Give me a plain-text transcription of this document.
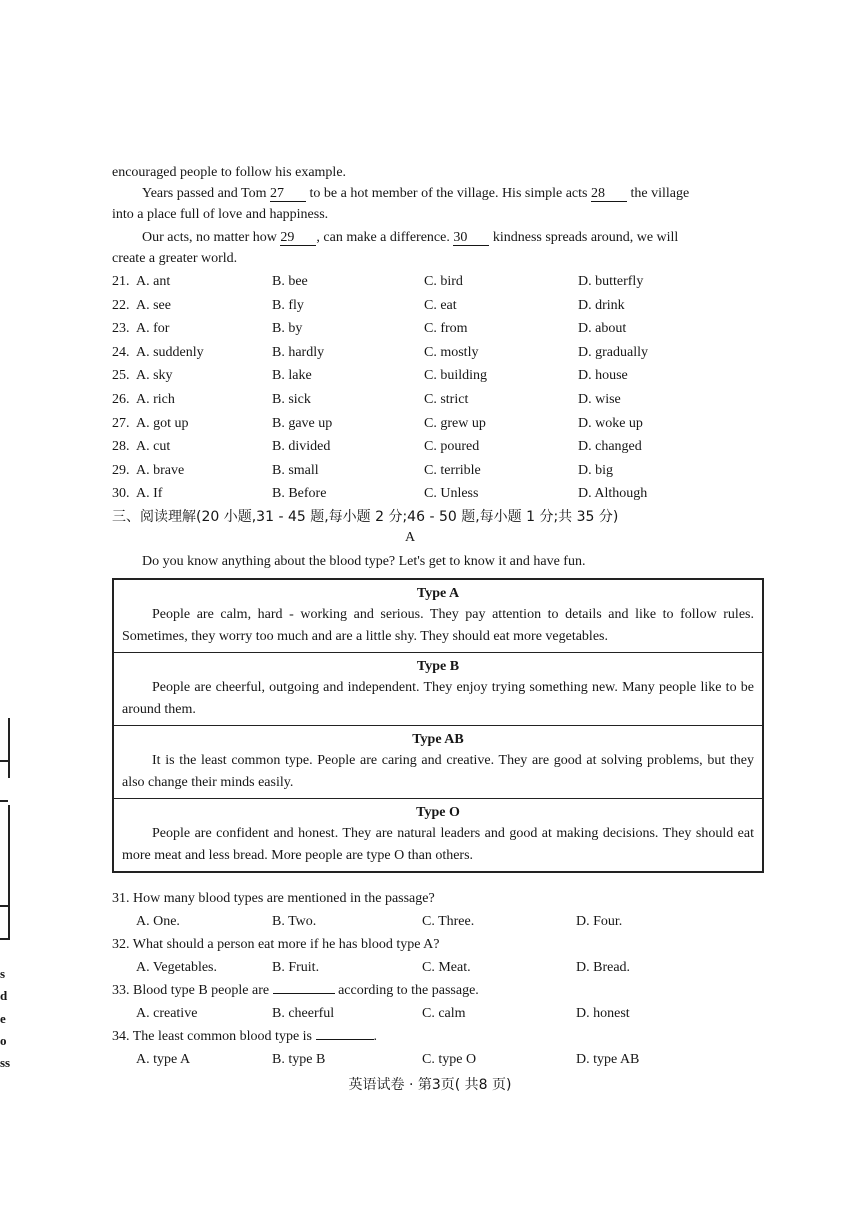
encouraged people to follow his example.
Years passed and Tom 27 to be a hot member of the village. His simple acts 28 the village
into a place full of love and happiness.
Our acts, no matter how 29 , can make a difference. 30 kindness spreads around, we will
create a greater world.
21. A. ant	B. bee	C. bird	D. butterfly
22. A. see	B. fly	C. eat	D. drink
23. A. for	B. by	C. from	D. about
24. A. suddenly	B. hardly	C. mostly	D. gradually
25. A. sky	B. lake	C. building	D. house
26. A. rich	B. sick	C. strict	D. wise
27. A. got up	B. gave up	C. grew up	D. woke up
28. A. cut	B. divided	C. poured	D. changed
29. A. brave	B. small	C. terrible	D. big
30. A. If	B. Before	C. Unless	D. Although
三、阅读理解(20 小题,31 - 45 题,每小题 2 分;46 - 50 题,每小题 1 分;共 35 分)
A
Do you know anything about the blood type? Let's get to know it and have fun.
Type A
People are calm, hard - working and serious. They pay attention to details and like to follow rules. Sometimes, they worry too much and are a little shy. They should eat more vegetables.
Type B
People are cheerful, outgoing and independent. They enjoy trying something new. Many people like to be around them.
Type AB
It is the least common type. People are caring and creative. They are good at solving problems, but they also change their minds easily.
Type O
People are confident and honest. They are natural leaders and good at making decisions. They should eat more meat and less bread. More people are type O than others.
31. How many blood types are mentioned in the passage?
A. One.	B. Two.	C. Three.	D. Four.
32. What should a person eat more if he has blood type A?
A. Vegetables.	B. Fruit.	C. Meat.	D. Bread.
33. Blood type B people are	according to the passage.
A. creative	B. cheerful	C. calm	D. honest
34. The least common blood type is	.
A. type A	B. type B	C. type O	D. type AB
英语试卷 · 第3页( 共8 页)
s
d
e
o
ss
